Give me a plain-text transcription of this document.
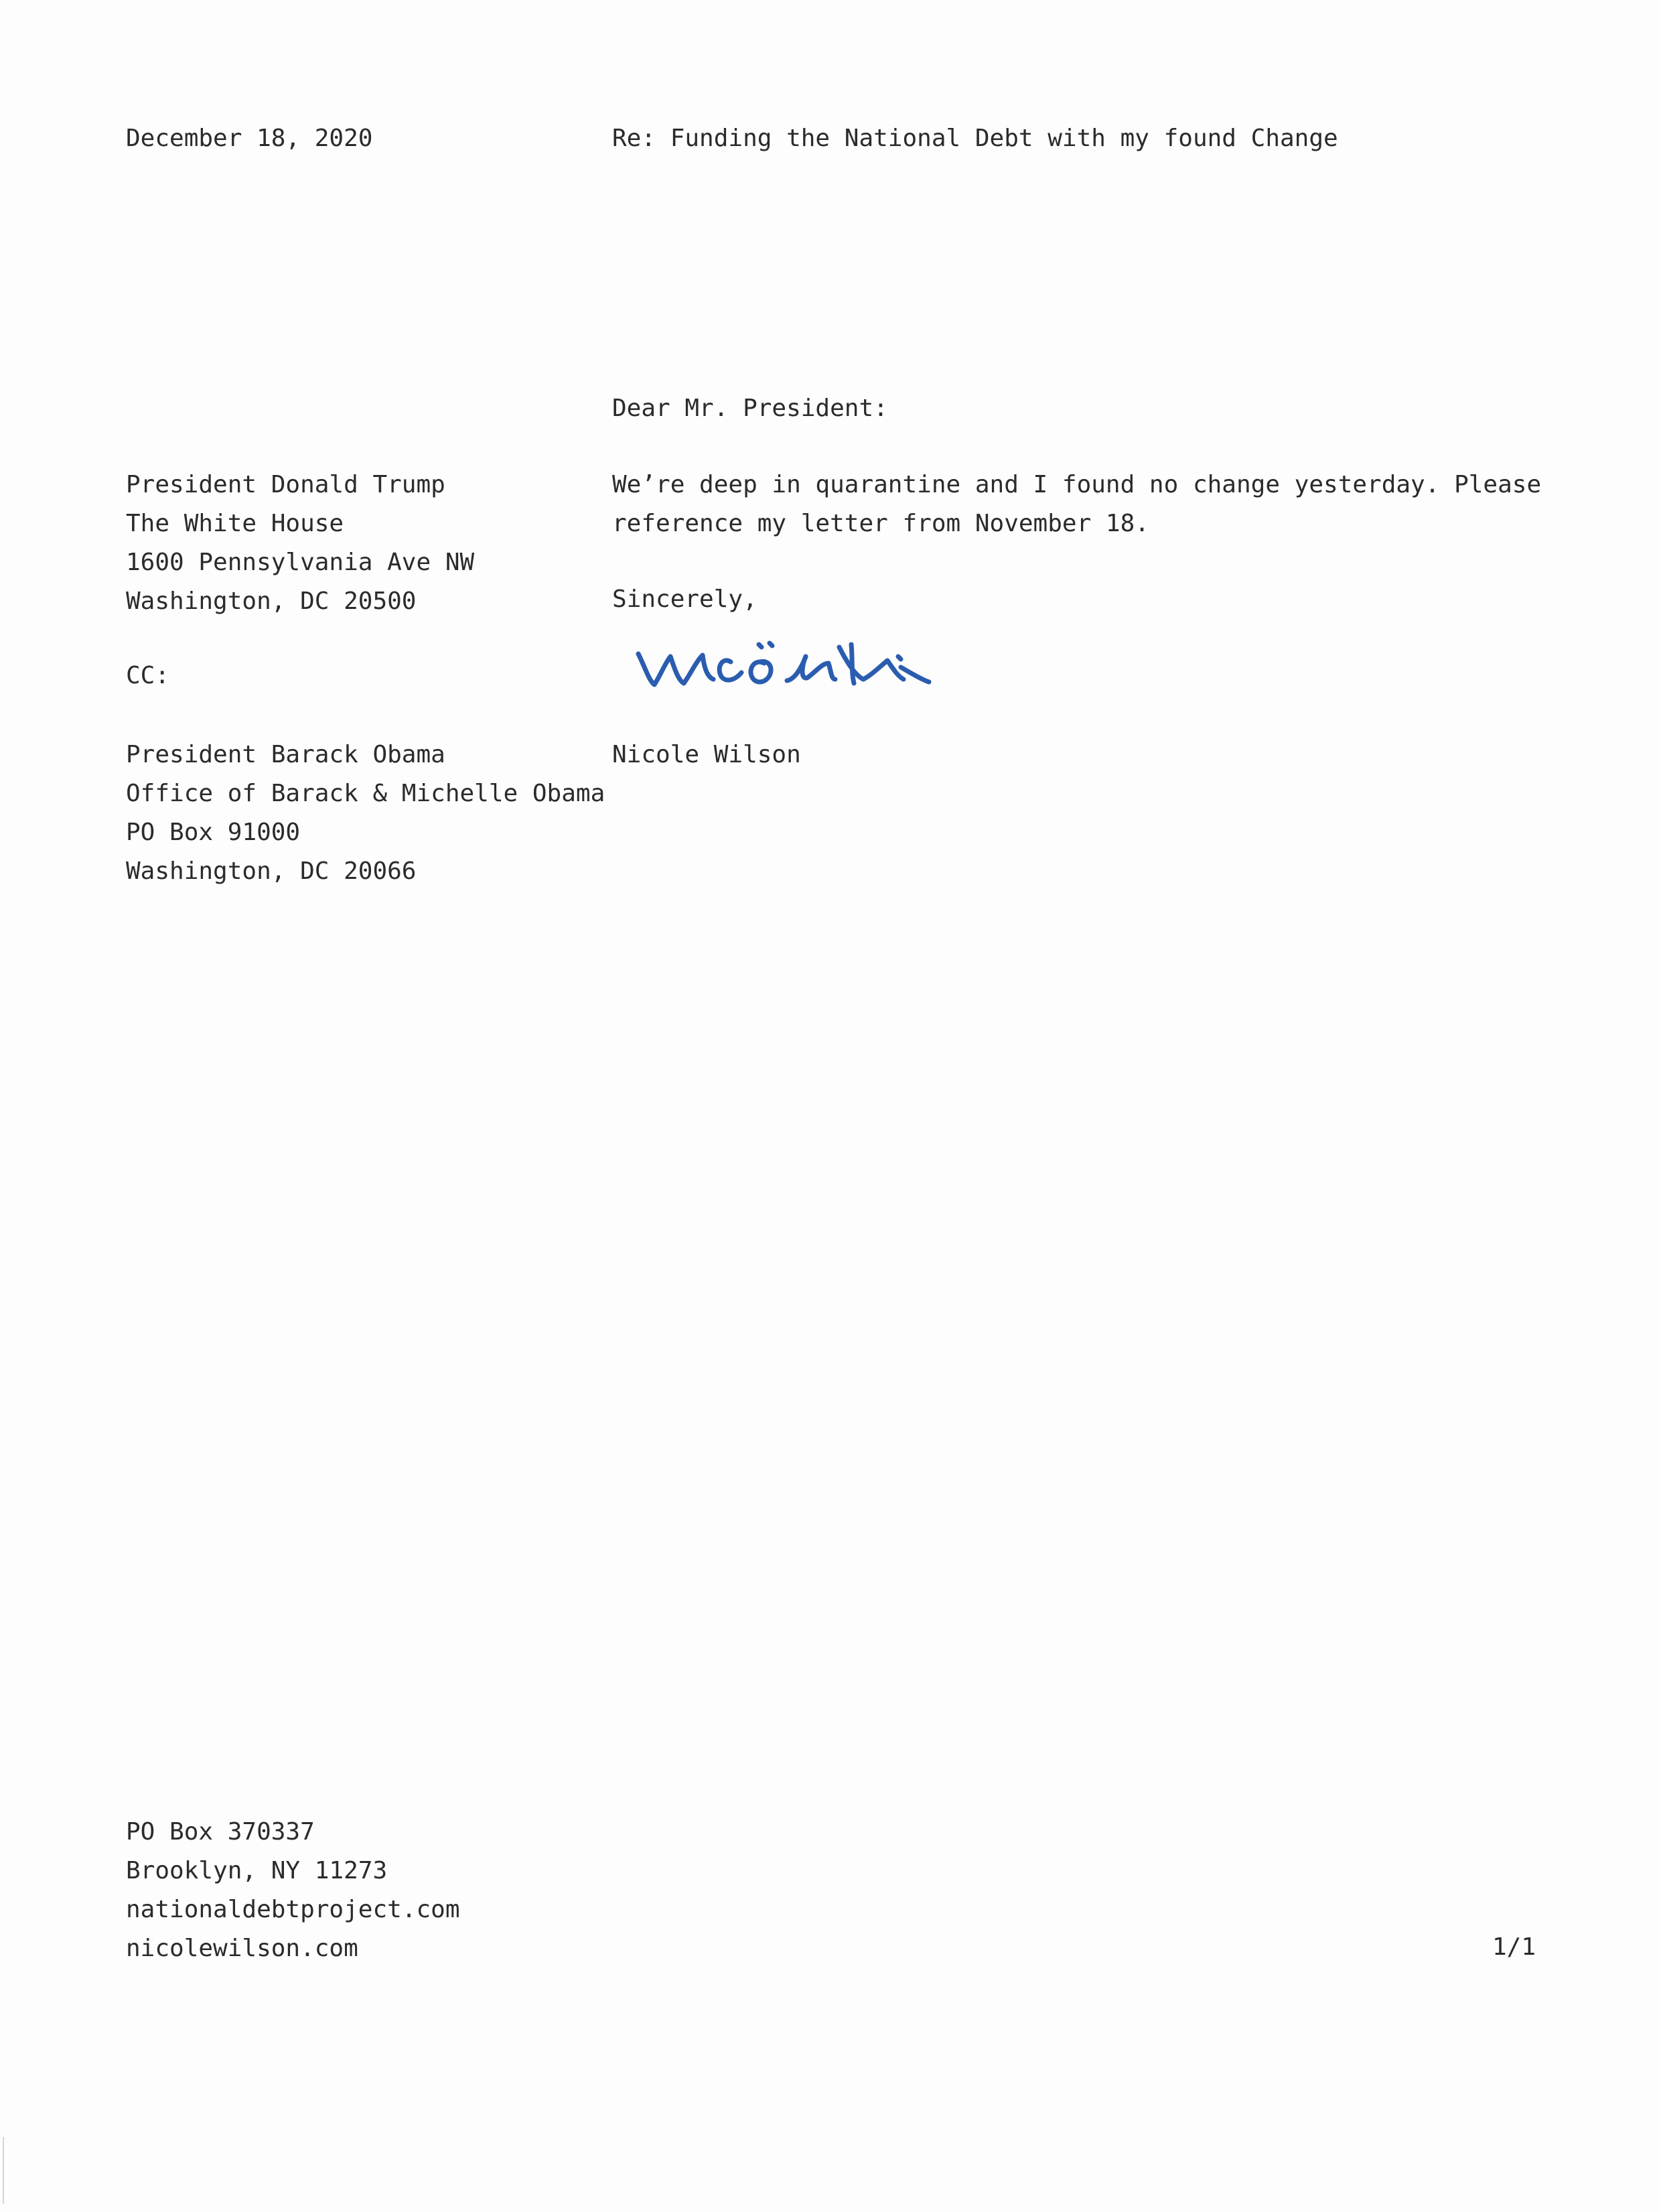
December 18, 2020	Re: Funding the National Debt with my found Change
Dear Mr. President:
President Donald Trump
The White House
1600 Pennsylvania Ave NW
Washington, DC 20500
We’re deep in quarantine and I found no change yesterday. Please
reference my letter from November 18.
Sincerely,
CC:
Nicole Wilson
President Barack Obama
Office of Barack & Michelle Obama
PO Box 91000
Washington, DC 20066
PO Box 370337
Brooklyn, NY 11273
nationaldebtproject.com
nicolewilson.com	1/1
